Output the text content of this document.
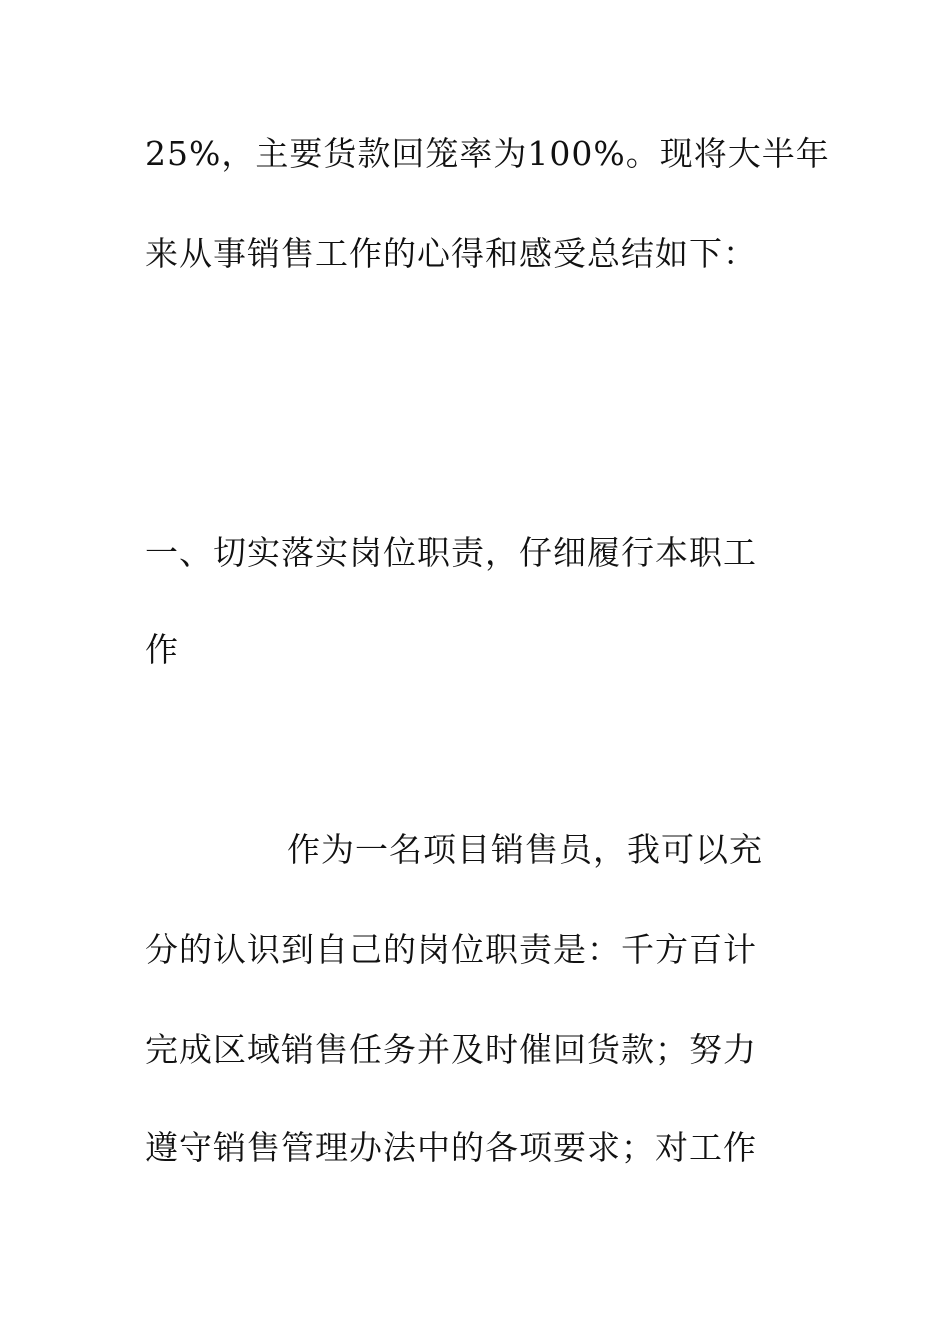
25%，主要货款回笼率为100%。现将大半年
来从事销售工作的心得和感受总结如下：
一、切实落实岗位职责，仔细履行本职工
作
作为一名项目销售员，我可以充
分的认识到自己的岗位职责是：千方百计
完成区域销售任务并及时催回货款；努力
遵守销售管理办法中的各项要求；对工作
